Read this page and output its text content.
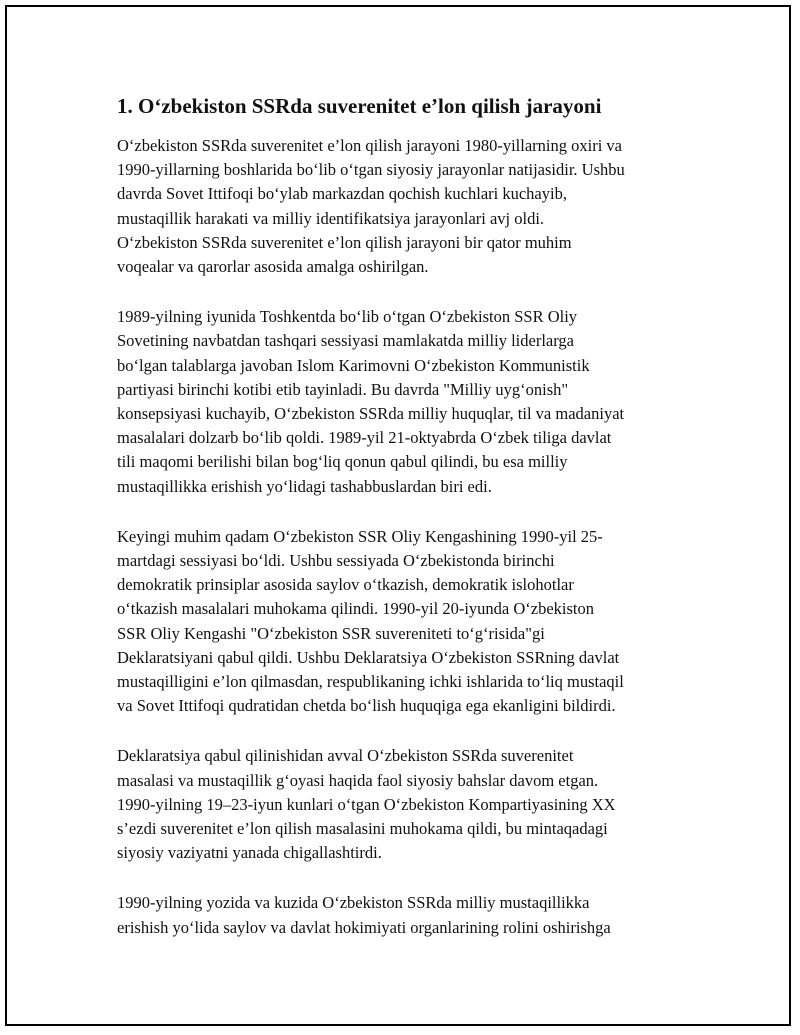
1. O‘zbekiston SSRda suverenitet e’lon qilish jarayoni

O‘zbekiston SSRda suverenitet e’lon qilish jarayoni 1980-yillarning oxiri va
1990-yillarning boshlarida bo‘lib o‘tgan siyosiy jarayonlar natijasidir. Ushbu
davrda Sovet Ittifoqi bo‘ylab markazdan qochish kuchlari kuchayib,
mustaqillik harakati va milliy identifikatsiya jarayonlari avj oldi.
O‘zbekiston SSRda suverenitet e’lon qilish jarayoni bir qator muhim
voqealar va qarorlar asosida amalga oshirilgan.

1989-yilning iyunida Toshkentda bo‘lib o‘tgan O‘zbekiston SSR Oliy
Sovetining navbatdan tashqari sessiyasi mamlakatda milliy liderlarga
bo‘lgan talablarga javoban Islom Karimovni O‘zbekiston Kommunistik
partiyasi birinchi kotibi etib tayinladi. Bu davrda "Milliy uyg‘onish"
konsepsiyasi kuchayib, O‘zbekiston SSRda milliy huquqlar, til va madaniyat
masalalari dolzarb bo‘lib qoldi. 1989-yil 21-oktyabrda O‘zbek tiliga davlat
tili maqomi berilishi bilan bog‘liq qonun qabul qilindi, bu esa milliy
mustaqillikka erishish yo‘lidagi tashabbuslardan biri edi.

Keyingi muhim qadam O‘zbekiston SSR Oliy Kengashining 1990-yil 25-
martdagi sessiyasi bo‘ldi. Ushbu sessiyada O‘zbekistonda birinchi
demokratik prinsiplar asosida saylov o‘tkazish, demokratik islohotlar
o‘tkazish masalalari muhokama qilindi. 1990-yil 20-iyunda O‘zbekiston
SSR Oliy Kengashi "O‘zbekiston SSR suvereniteti to‘g‘risida"gi
Deklaratsiyani qabul qildi. Ushbu Deklaratsiya O‘zbekiston SSRning davlat
mustaqilligini e’lon qilmasdan, respublikaning ichki ishlarida to‘liq mustaqil
va Sovet Ittifoqi qudratidan chetda bo‘lish huquqiga ega ekanligini bildirdi.

Deklaratsiya qabul qilinishidan avval O‘zbekiston SSRda suverenitet
masalasi va mustaqillik g‘oyasi haqida faol siyosiy bahslar davom etgan.
1990-yilning 19–23-iyun kunlari o‘tgan O‘zbekiston Kompartiyasining XX
s’ezdi suverenitet e’lon qilish masalasini muhokama qildi, bu mintaqadagi
siyosiy vaziyatni yanada chigallashtirdi.

1990-yilning yozida va kuzida O‘zbekiston SSRda milliy mustaqillikka
erishish yo‘lida saylov va davlat hokimiyati organlarining rolini oshirishga
